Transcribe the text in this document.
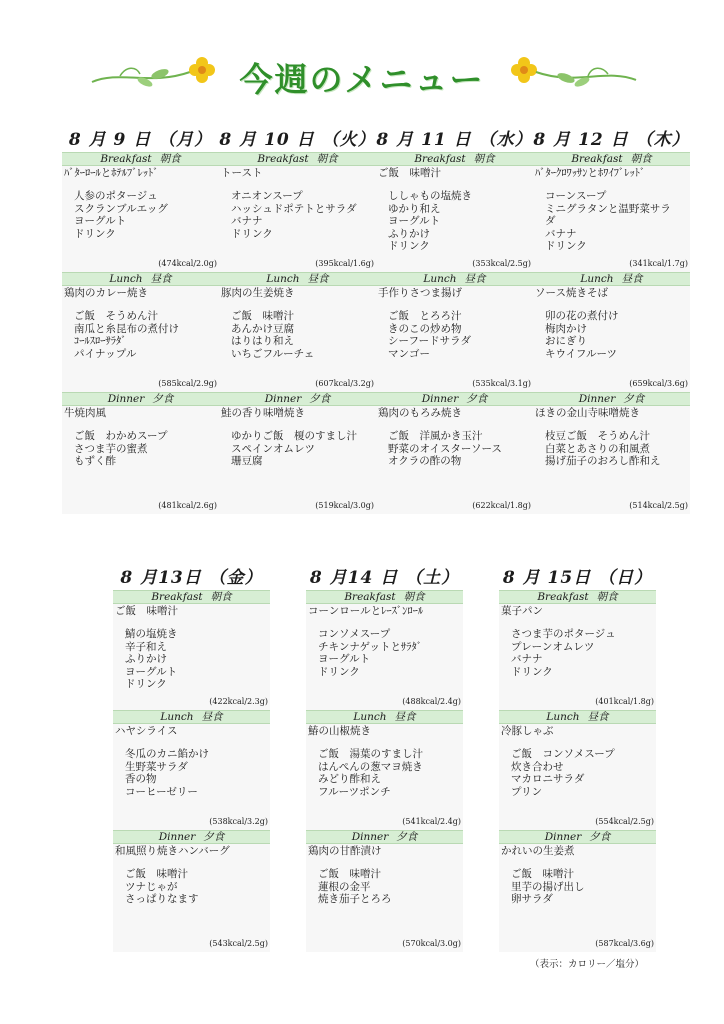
今週のメニュー
8 月 9 日 （月）
Breakfast 朝食
ﾊﾞﾀｰﾛｰﾙとﾎﾃﾙﾌﾞﾚｯﾄﾞ
人参のポタージュ
スクランブルエッグ
ヨーグルト
ドリンク
(474kcal/2.0g)
Lunch 昼食
鶏肉のカレー焼き
ご飯　そうめん汁
南瓜と糸昆布の煮付け
ｺｰﾙｽﾛｰｻﾗﾀﾞ
パイナップル
(585kcal/2.9g)
Dinner 夕食
牛焼肉風
ご飯　わかめスープ
さつま芋の蜜煮
もずく酢
(481kcal/2.6g)
8 月 10 日 （火）
Breakfast 朝食
トースト
オニオンスープ
ハッシュドポテトとサラダ
バナナ
ドリンク
(395kcal/1.6g)
Lunch 昼食
豚肉の生姜焼き
ご飯　味噌汁
あんかけ豆腐
はりはり和え
いちごフルーチェ
(607kcal/3.2g)
Dinner 夕食
鮭の香り味噌焼き
ゆかりご飯　榎のすまし汁
スペインオムレツ
珊豆腐
(519kcal/3.0g)
8 月 11 日 （水）
Breakfast 朝食
ご飯　味噌汁
ししゃもの塩焼き
ゆかり和え
ヨーグルト
ふりかけ
ドリンク
(353kcal/2.5g)
Lunch 昼食
手作りさつま揚げ
ご飯　とろろ汁
きのこの炒め物
シーフードサラダ
マンゴー
(535kcal/3.1g)
Dinner 夕食
鶏肉のもろみ焼き
ご飯　洋風かき玉汁
野菜のオイスターソース
オクラの酢の物
(622kcal/1.8g)
8 月 12 日 （木）
Breakfast 朝食
ﾊﾞﾀｰｸﾛﾜｯｻﾝとﾎﾜｲﾌﾞﾚｯﾄﾞ
コーンスープ
ミニグラタンと温野菜サラ
ダ
バナナ
ドリンク
(341kcal/1.7g)
Lunch 昼食
ソース焼きそば
卯の花の煮付け
梅肉かけ
おにぎり
キウイフルーツ
(659kcal/3.6g)
Dinner 夕食
ほきの金山寺味噌焼き
枝豆ご飯　そうめん汁
白菜とあさりの和風煮
揚げ茄子のおろし酢和え
(514kcal/2.5g)
8 月13日 （金）
Breakfast 朝食
ご飯　味噌汁
鯖の塩焼き
辛子和え
ふりかけ
ヨーグルト
ドリンク
(422kcal/2.3g)
Lunch 昼食
ハヤシライス
冬瓜のカニ餡かけ
生野菜サラダ
香の物
コーヒーゼリー
(538kcal/3.2g)
Dinner 夕食
和風照り焼きハンバーグ
ご飯　味噌汁
ツナじゃが
さっぱりなます
(543kcal/2.5g)
8 月14 日 （土）
Breakfast 朝食
コーンロールとﾚｰｽﾞﾝﾛｰﾙ
コンソメスープ
チキンナゲットとｻﾗﾀﾞ
ヨーグルト
ドリンク
(488kcal/2.4g)
Lunch 昼食
鰆の山椒焼き
ご飯　湯葉のすまし汁
はんぺんの葱マヨ焼き
みどり酢和え
フルーツポンチ
(541kcal/2.4g)
Dinner 夕食
鶏肉の甘酢漬け
ご飯　味噌汁
蓮根の金平
焼き茄子とろろ
(570kcal/3.0g)
8 月 15日 （日）
Breakfast 朝食
菓子パン
さつま芋のポタージュ
プレーンオムレツ
バナナ
ドリンク
(401kcal/1.8g)
Lunch 昼食
冷豚しゃぶ
ご飯　コンソメスープ
炊き合わせ
マカロニサラダ
プリン
(554kcal/2.5g)
Dinner 夕食
かれいの生姜煮
ご飯　味噌汁
里芋の揚げ出し
卵サラダ
(587kcal/3.6g)
（表示：カロリー／塩分）
